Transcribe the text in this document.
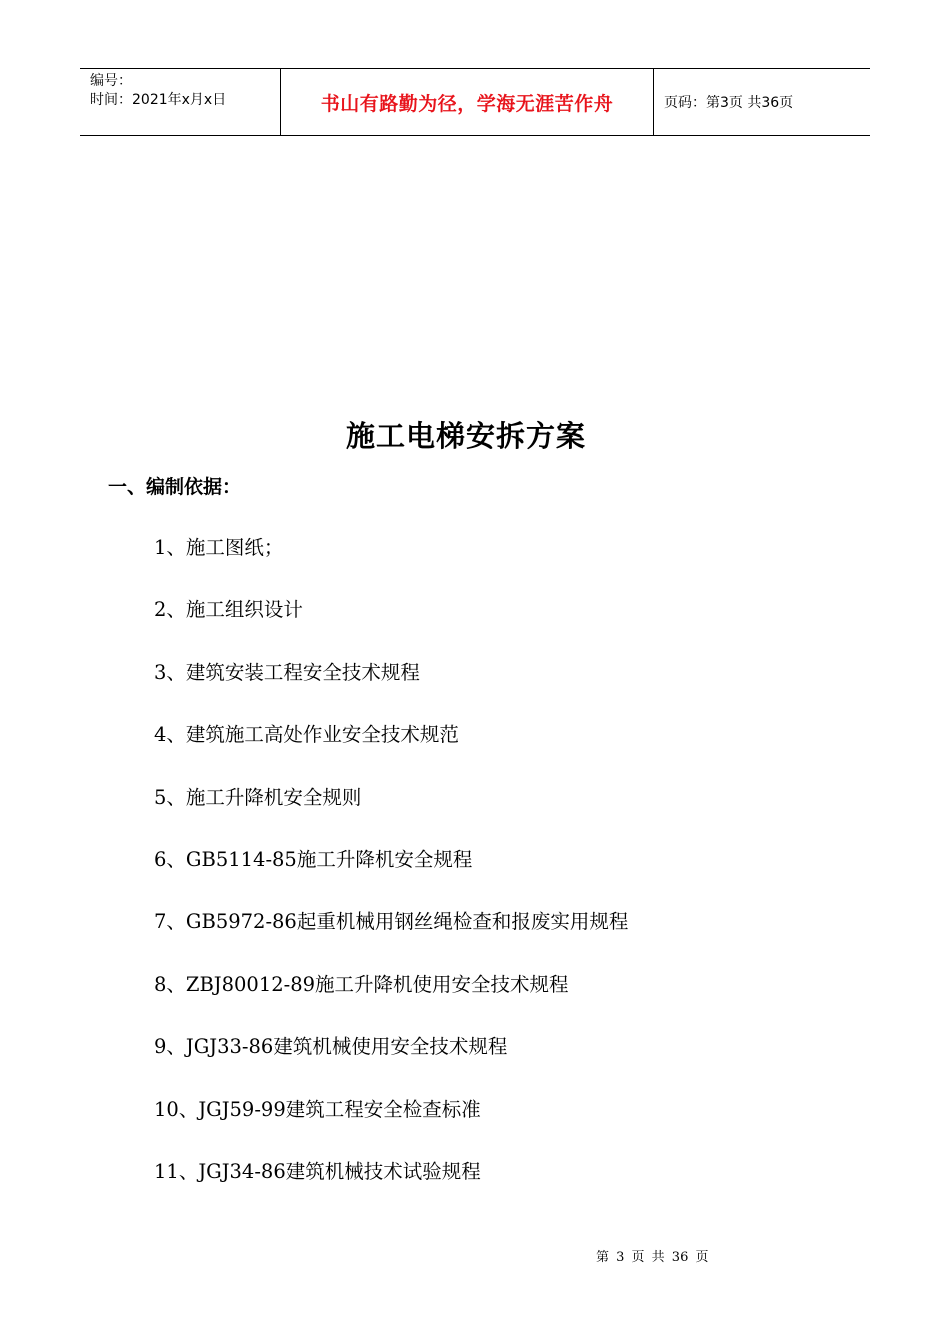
编号：
时间：2021年x月x日	书山有路勤为径，学海无涯苦作舟	页码：第3页 共36页
施工电梯安拆方案
一、编制依据：
1、施工图纸；
2、施工组织设计
3、建筑安装工程安全技术规程
4、建筑施工高处作业安全技术规范
5、施工升降机安全规则
6、GB5114-85施工升降机安全规程
7、GB5972-86起重机械用钢丝绳检查和报废实用规程
8、ZBJ80012-89施工升降机使用安全技术规程
9、JGJ33-86建筑机械使用安全技术规程
10、JGJ59-99建筑工程安全检查标准
11、JGJ34-86建筑机械技术试验规程
第 3 页 共 36 页
